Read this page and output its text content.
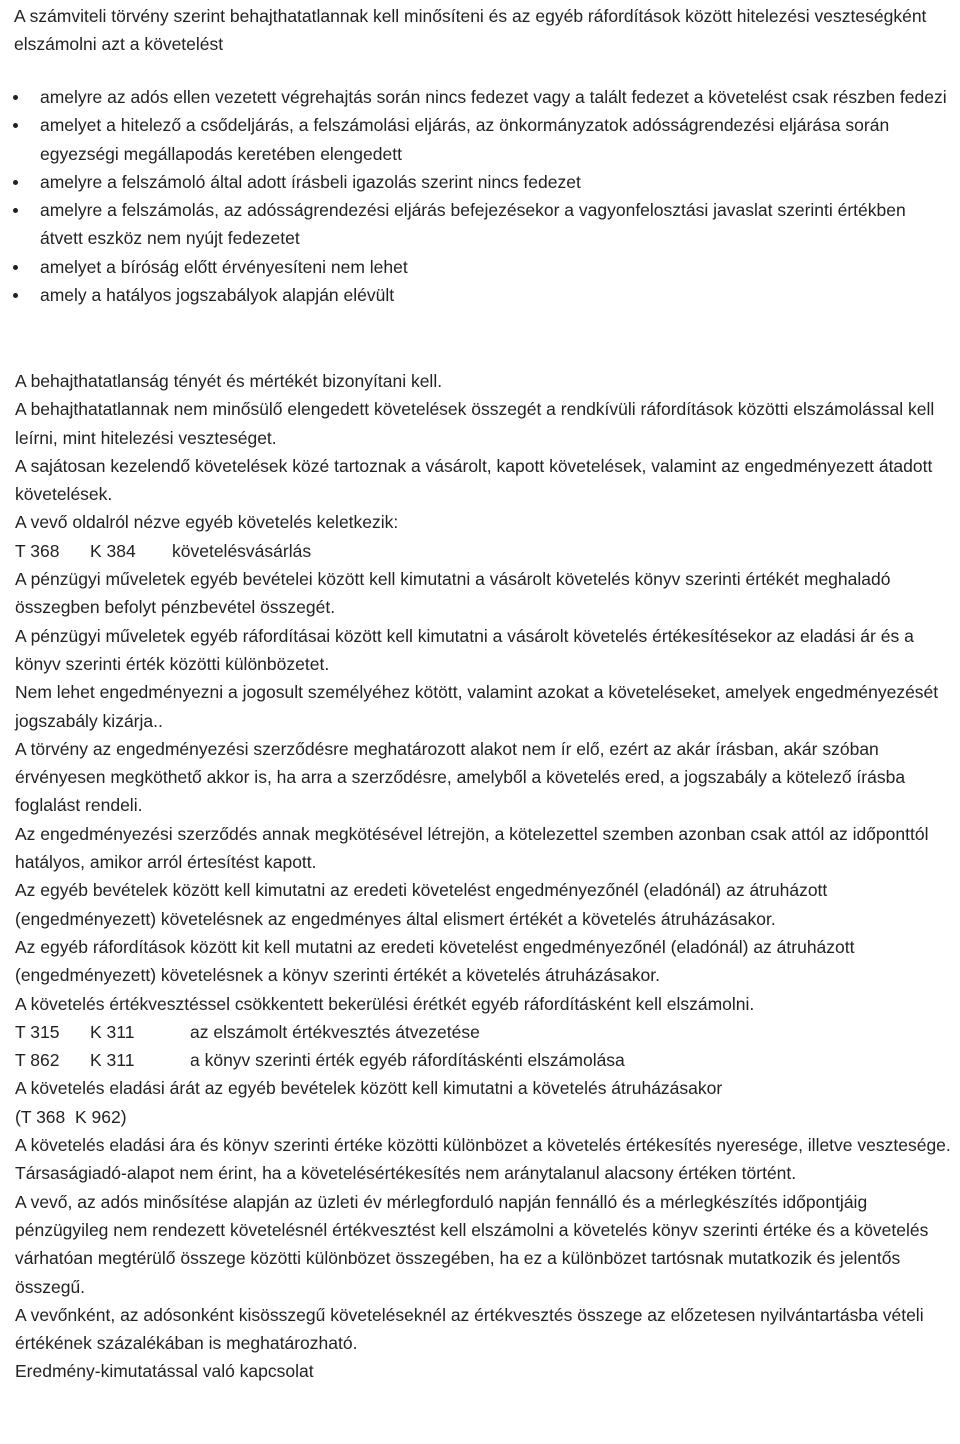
A számviteli törvény szerint behajthatatlannak kell minősíteni és az egyéb ráfordítások között hitelezési veszteségként elszámolni azt a követelést

amelyre az adós ellen vezetett végrehajtás során nincs fedezet vagy a talált fedezet a követelést csak részben fedezi
amelyet a hitelező a csődeljárás, a felszámolási eljárás, az önkormányzatok adósságrendezési eljárása során egyezségi megállapodás keretében elengedett
amelyre a felszámoló által adott írásbeli igazolás szerint nincs fedezet
amelyre a felszámolás, az adósságrendezési eljárás befejezésekor a vagyonfelosztási javaslat szerinti értékben átvett eszköz nem nyújt fedezetet
amelyet a bíróság előtt érvényesíteni nem lehet
amely a hatályos jogszabályok alapján elévült

A behajthatatlanság tényét és mértékét bizonyítani kell.

A behajthatatlannak nem minősülő elengedett követelések összegét a rendkívüli ráfordítások közötti elszámolással kell leírni, mint hitelezési veszteséget.

A sajátosan kezelendő követelések közé tartoznak a vásárolt, kapott követelések, valamint az engedményezett átadott követelések.

A vevő oldalról nézve egyéb követelés keletkezik:

T 368 K 384 követelésvásárlás

A pénzügyi műveletek egyéb bevételei között kell kimutatni a vásárolt követelés könyv szerinti értékét meghaladó összegben befolyt pénzbevétel összegét.

A pénzügyi műveletek egyéb ráfordításai között kell kimutatni a vásárolt követelés értékesítésekor az eladási ár és a könyv szerinti érték közötti különbözetet.

Nem lehet engedményezni a jogosult személyéhez kötött, valamint azokat a követeléseket, amelyek engedményezését jogszabály kizárja..

A törvény az engedményezési szerződésre meghatározott alakot nem ír elő, ezért az akár írásban, akár szóban érvényesen megköthető akkor is, ha arra a szerződésre, amelyből a követelés ered, a jogszabály a kötelező írásba foglalást rendeli.

Az engedményezési szerződés annak megkötésével létrejön, a kötelezettel szemben azonban csak attól az időponttól hatályos, amikor arról értesítést kapott.

Az egyéb bevételek között kell kimutatni az eredeti követelést engedményezőnél (eladónál) az átruházott (engedményezett) követelésnek az engedményes által elismert értékét a követelés átruházásakor.

Az egyéb ráfordítások között kit kell mutatni az eredeti követelést engedményezőnél (eladónál) az átruházott (engedményezett) követelésnek a könyv szerinti értékét a követelés átruházásakor.

A követelés értékvesztéssel csökkentett bekerülési érétkét egyéb ráfordításként kell elszámolni.

T 315 K 311	az elszámolt értékvesztés átvezetése

T 862 K 311	a könyv szerinti érték egyéb ráfordításkénti elszámolása

A követelés eladási árát az egyéb bevételek között kell kimutatni a követelés átruházásakor

(T 368  K 962)

A követelés eladási ára és könyv szerinti értéke közötti különbözet a követelés értékesítés nyeresége, illetve vesztesége. Társaságiadó-alapot nem érint, ha a követelésértékesítés nem aránytalanul alacsony értéken történt.

A vevő, az adós minősítése alapján az üzleti év mérlegforduló napján fennálló és a mérlegkészítés időpontjáig pénzügyileg nem rendezett követelésnél értékvesztést kell elszámolni a követelés könyv szerinti értéke és a követelés várhatóan megtérülő összege közötti különbözet összegében, ha ez a különbözet tartósnak mutatkozik és jelentős összegű.

A vevőnként, az adósonként kisösszegű követeléseknél az értékvesztés összege az előzetesen nyilvántartásba vételi értékének százalékában is meghatározható.

Eredmény-kimutatással való kapcsolat
